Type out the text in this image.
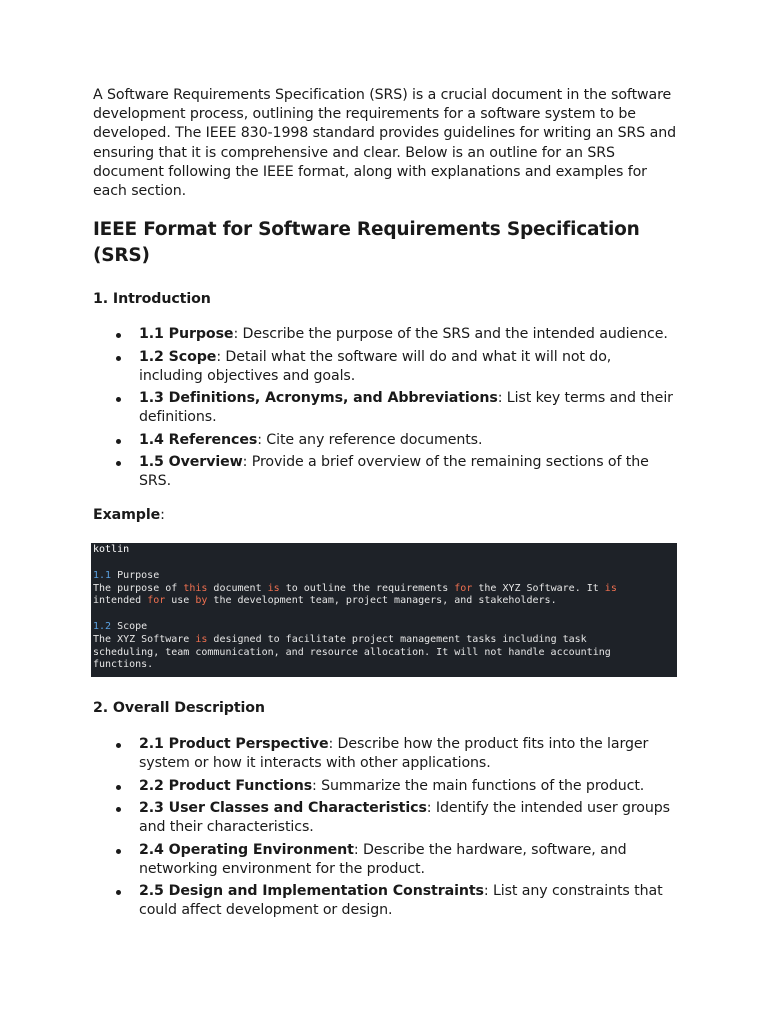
A Software Requirements Specification (SRS) is a crucial document in the software development process, outlining the requirements for a software system to be developed. The IEEE 830-1998 standard provides guidelines for writing an SRS and ensuring that it is comprehensive and clear. Below is an outline for an SRS document following the IEEE format, along with explanations and examples for each section.

IEEE Format for Software Requirements Specification (SRS)
1. Introduction
1.1 Purpose: Describe the purpose of the SRS and the intended audience.
1.2 Scope: Detail what the software will do and what it will not do, including objectives and goals.
1.3 Definitions, Acronyms, and Abbreviations: List key terms and their definitions.
1.4 References: Cite any reference documents.
1.5 Overview: Provide a brief overview of the remaining sections of the SRS.

Example:

kotlin
1.1 Purpose
The purpose of this document is to outline the requirements for the XYZ Software. It is
intended for use by the development team, project managers, and stakeholders.
1.2 Scope
The XYZ Software is designed to facilitate project management tasks including task
scheduling, team communication, and resource allocation. It will not handle accounting
functions.
2. Overall Description
2.1 Product Perspective: Describe how the product fits into the larger system or how it interacts with other applications.
2.2 Product Functions: Summarize the main functions of the product.
2.3 User Classes and Characteristics: Identify the intended user groups and their characteristics.
2.4 Operating Environment: Describe the hardware, software, and networking environment for the product.
2.5 Design and Implementation Constraints: List any constraints that could affect development or design.
